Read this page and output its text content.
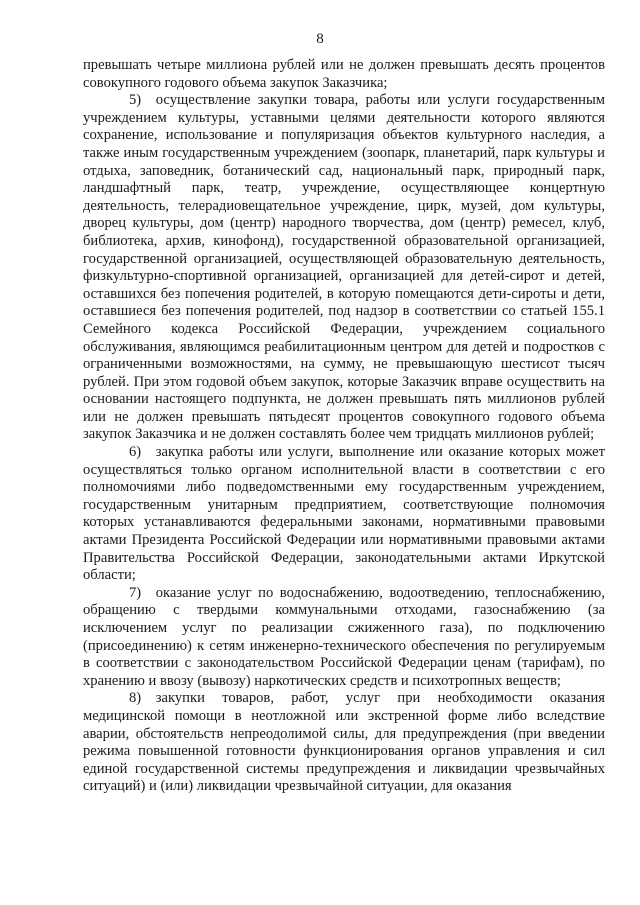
8

превышать четыре миллиона рублей или не должен превышать десять процентов совокупного годового объема закупок Заказчика;

5) осуществление закупки товара, работы или услуги государственным учреждением культуры, уставными целями деятельности которого являются сохранение, использование и популяризация объектов культурного наследия, а также иным государственным учреждением (зоопарк, планетарий, парк культуры и отдыха, заповедник, ботанический сад, национальный парк, природный парк, ландшафтный парк, театр, учреждение, осуществляющее концертную деятельность, телерадиовещательное учреждение, цирк, музей, дом культуры, дворец культуры, дом (центр) народного творчества, дом (центр) ремесел, клуб, библиотека, архив, кинофонд), государственной образовательной организацией, государственной организацией, осуществляющей образовательную деятельность, физкультурно-спортивной организацией, организацией для детей-сирот и детей, оставшихся без попечения родителей, в которую помещаются дети-сироты и дети, оставшиеся без попечения родителей, под надзор в соответствии со статьей 155.1 Семейного кодекса Российской Федерации, учреждением социального обслуживания, являющимся реабилитационным центром для детей и подростков с ограниченными возможностями, на сумму, не превышающую шестисот тысяч рублей. При этом годовой объем закупок, которые Заказчик вправе осуществить на основании настоящего подпункта, не должен превышать пять миллионов рублей или не должен превышать пятьдесят процентов совокупного годового объема закупок Заказчика и не должен составлять более чем тридцать миллионов рублей;

6) закупка работы или услуги, выполнение или оказание которых может осуществляться только органом исполнительной власти в соответствии с его полномочиями либо подведомственными ему государственным учреждением, государственным унитарным предприятием, соответствующие полномочия которых устанавливаются федеральными законами, нормативными правовыми актами Президента Российской Федерации или нормативными правовыми актами Правительства Российской Федерации, законодательными актами Иркутской области;

7) оказание услуг по водоснабжению, водоотведению, теплоснабжению, обращению с твердыми коммунальными отходами, газоснабжению (за исключением услуг по реализации сжиженного газа), по подключению (присоединению) к сетям инженерно-технического обеспечения по регулируемым в соответствии с законодательством Российской Федерации ценам (тарифам), по хранению и ввозу (вывозу) наркотических средств и психотропных веществ;

8) закупки товаров, работ, услуг при необходимости оказания медицинской помощи в неотложной или экстренной форме либо вследствие аварии, обстоятельств непреодолимой силы, для предупреждения (при введении режима повышенной готовности функционирования органов управления и сил единой государственной системы предупреждения и ликвидации чрезвычайных ситуаций) и (или) ликвидации чрезвычайной ситуации, для оказания
